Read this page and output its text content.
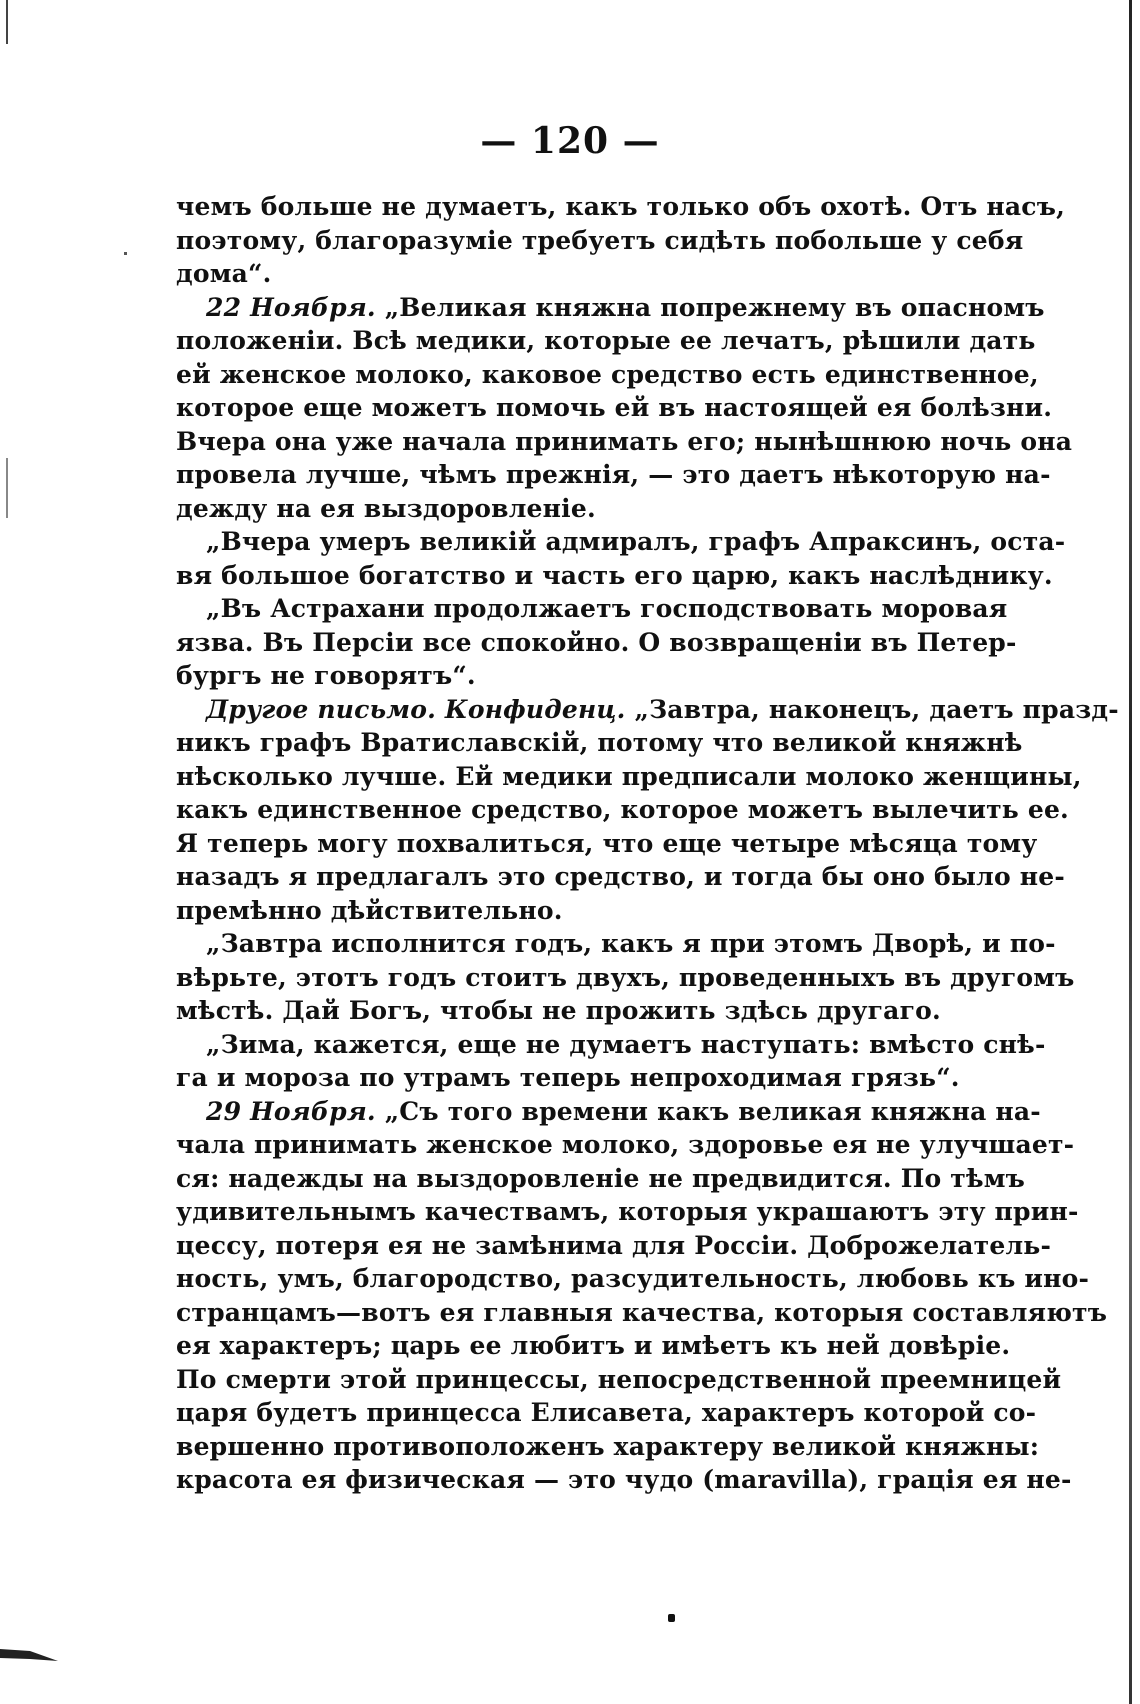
— 120 —
чемъ больше не думаетъ, какъ только объ охотѣ. Отъ насъ,
поэтому, благоразуміе требуетъ сидѣть побольше у себя
дома“.
22 Ноября. „Великая княжна попрежнему въ опасномъ
положеніи. Всѣ медики, которые ее лечатъ, рѣшили дать
ей женское молоко, каковое средство есть единственное,
которое еще можетъ помочь ей въ настоящей ея болѣзни.
Вчера она уже начала принимать его; нынѣшнюю ночь она
провела лучше, чѣмъ прежнія, — это даетъ нѣкоторую на-
дежду на ея выздоровленіе.
„Вчера умеръ великій адмиралъ, графъ Апраксинъ, оста-
вя большое богатство и часть его царю, какъ наслѣднику.
„Въ Астрахани продолжаетъ господствовать моровая
язва. Въ Персіи все спокойно. О возвращеніи въ Петер-
бургъ не говорятъ“.
Другое письмо. Конфиденц. „Завтра, наконецъ, даетъ празд-
никъ графъ Вратиславскій, потому что великой княжнѣ
нѣсколько лучше. Ей медики предписали молоко женщины,
какъ единственное средство, которое можетъ вылечить ее.
Я теперь могу похвалиться, что еще четыре мѣсяца тому
назадъ я предлагалъ это средство, и тогда бы оно было не-
премѣнно дѣйствительно.
„Завтра исполнится годъ, какъ я при этомъ Дворѣ, и по-
вѣрьте, этотъ годъ стоитъ двухъ, проведенныхъ въ другомъ
мѣстѣ. Дай Богъ, чтобы не прожить здѣсь другаго.
„Зима, кажется, еще не думаетъ наступать: вмѣсто снѣ-
га и мороза по утрамъ теперь непроходимая грязь“.
29 Ноября. „Съ того времени какъ великая княжна на-
чала принимать женское молоко, здоровье ея не улучшает-
ся: надежды на выздоровленіе не предвидится. По тѣмъ
удивительнымъ качествамъ, которыя украшаютъ эту прин-
цессу, потеря ея не замѣнима для Россіи. Доброжелатель-
ность, умъ, благородство, разсудительность, любовь къ ино-
странцамъ—вотъ ея главныя качества, которыя составляютъ
ея характеръ; царь ее любитъ и имѣетъ къ ней довѣріе.
По смерти этой принцессы, непосредственной преемницей
царя будетъ принцесса Елисавета, характеръ которой со-
вершенно противоположенъ характеру великой княжны:
красота ея физическая — это чудо (maravilla), грація ея не-
